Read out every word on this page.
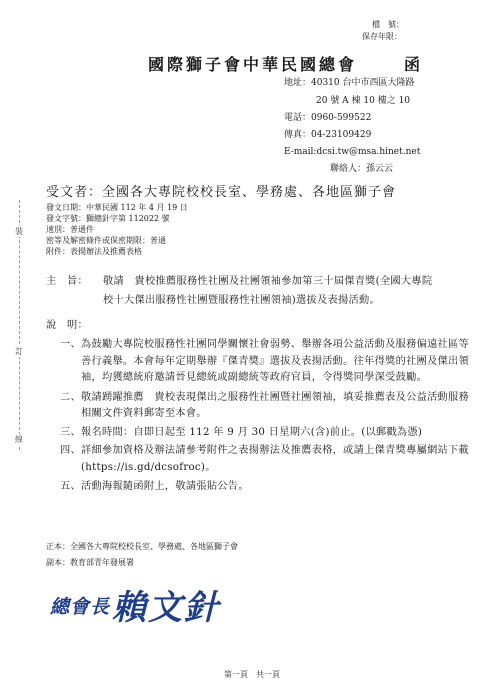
檔　號：
保存年限：
國際獅子會中華民國總會	函
地址：40310 台中市西區大隆路
20 號 A 棟 10 樓之 10
電話：0960-599522
傳真：04-23109429
E-mail:dcsi.tw@msa.hinet.net
聯絡人：孫云云
受文者：全國各大專院校校長室、學務處、各地區獅子會
發文日期：中華民國 112 年 4 月 19 日
發文字號：獅總針字第 112022 號
速別：普通件
密等及解密條件或保密期限：普通
附件：表揚辦法及推薦表格
裝
訂
線
主　旨： 敬請　貴校推薦服務性社團及社團領袖參加第三十屆傑青獎(全國大專院
校十大傑出服務性社團暨服務性社團領袖)選拔及表揚活動。
說　明：
一、 為鼓勵大專院校服務性社團同學關懷社會弱勢、舉辦各項公益活動及服務偏遠社區等善行義舉。本會每年定期舉辦『傑青獎』選拔及表揚活動。往年得獎的社團及傑出領袖，均獲總統府邀請晉見總統或副總統等政府官員，令得獎同學深受鼓勵。
二、 敬請踴躍推薦　貴校表現傑出之服務性社團暨社團領袖，填妥推薦表及公益活動服務相關文件資料郵寄至本會。
三、 報名時間：自即日起至 112 年 9 月 30 日星期六(含)前止。(以郵戳為憑)
四、 詳細參加資格及辦法請參考附件之表揚辦法及推薦表格，或請上傑青獎專屬網站下載(https://is.gd/dcsofroc)。
五、 活動海報隨函附上，敬請張貼公告。
正本：全國各大專院校校長室、學務處、各地區獅子會
副本：教育部青年發展署
總會長 賴文針
第一頁　共一頁
